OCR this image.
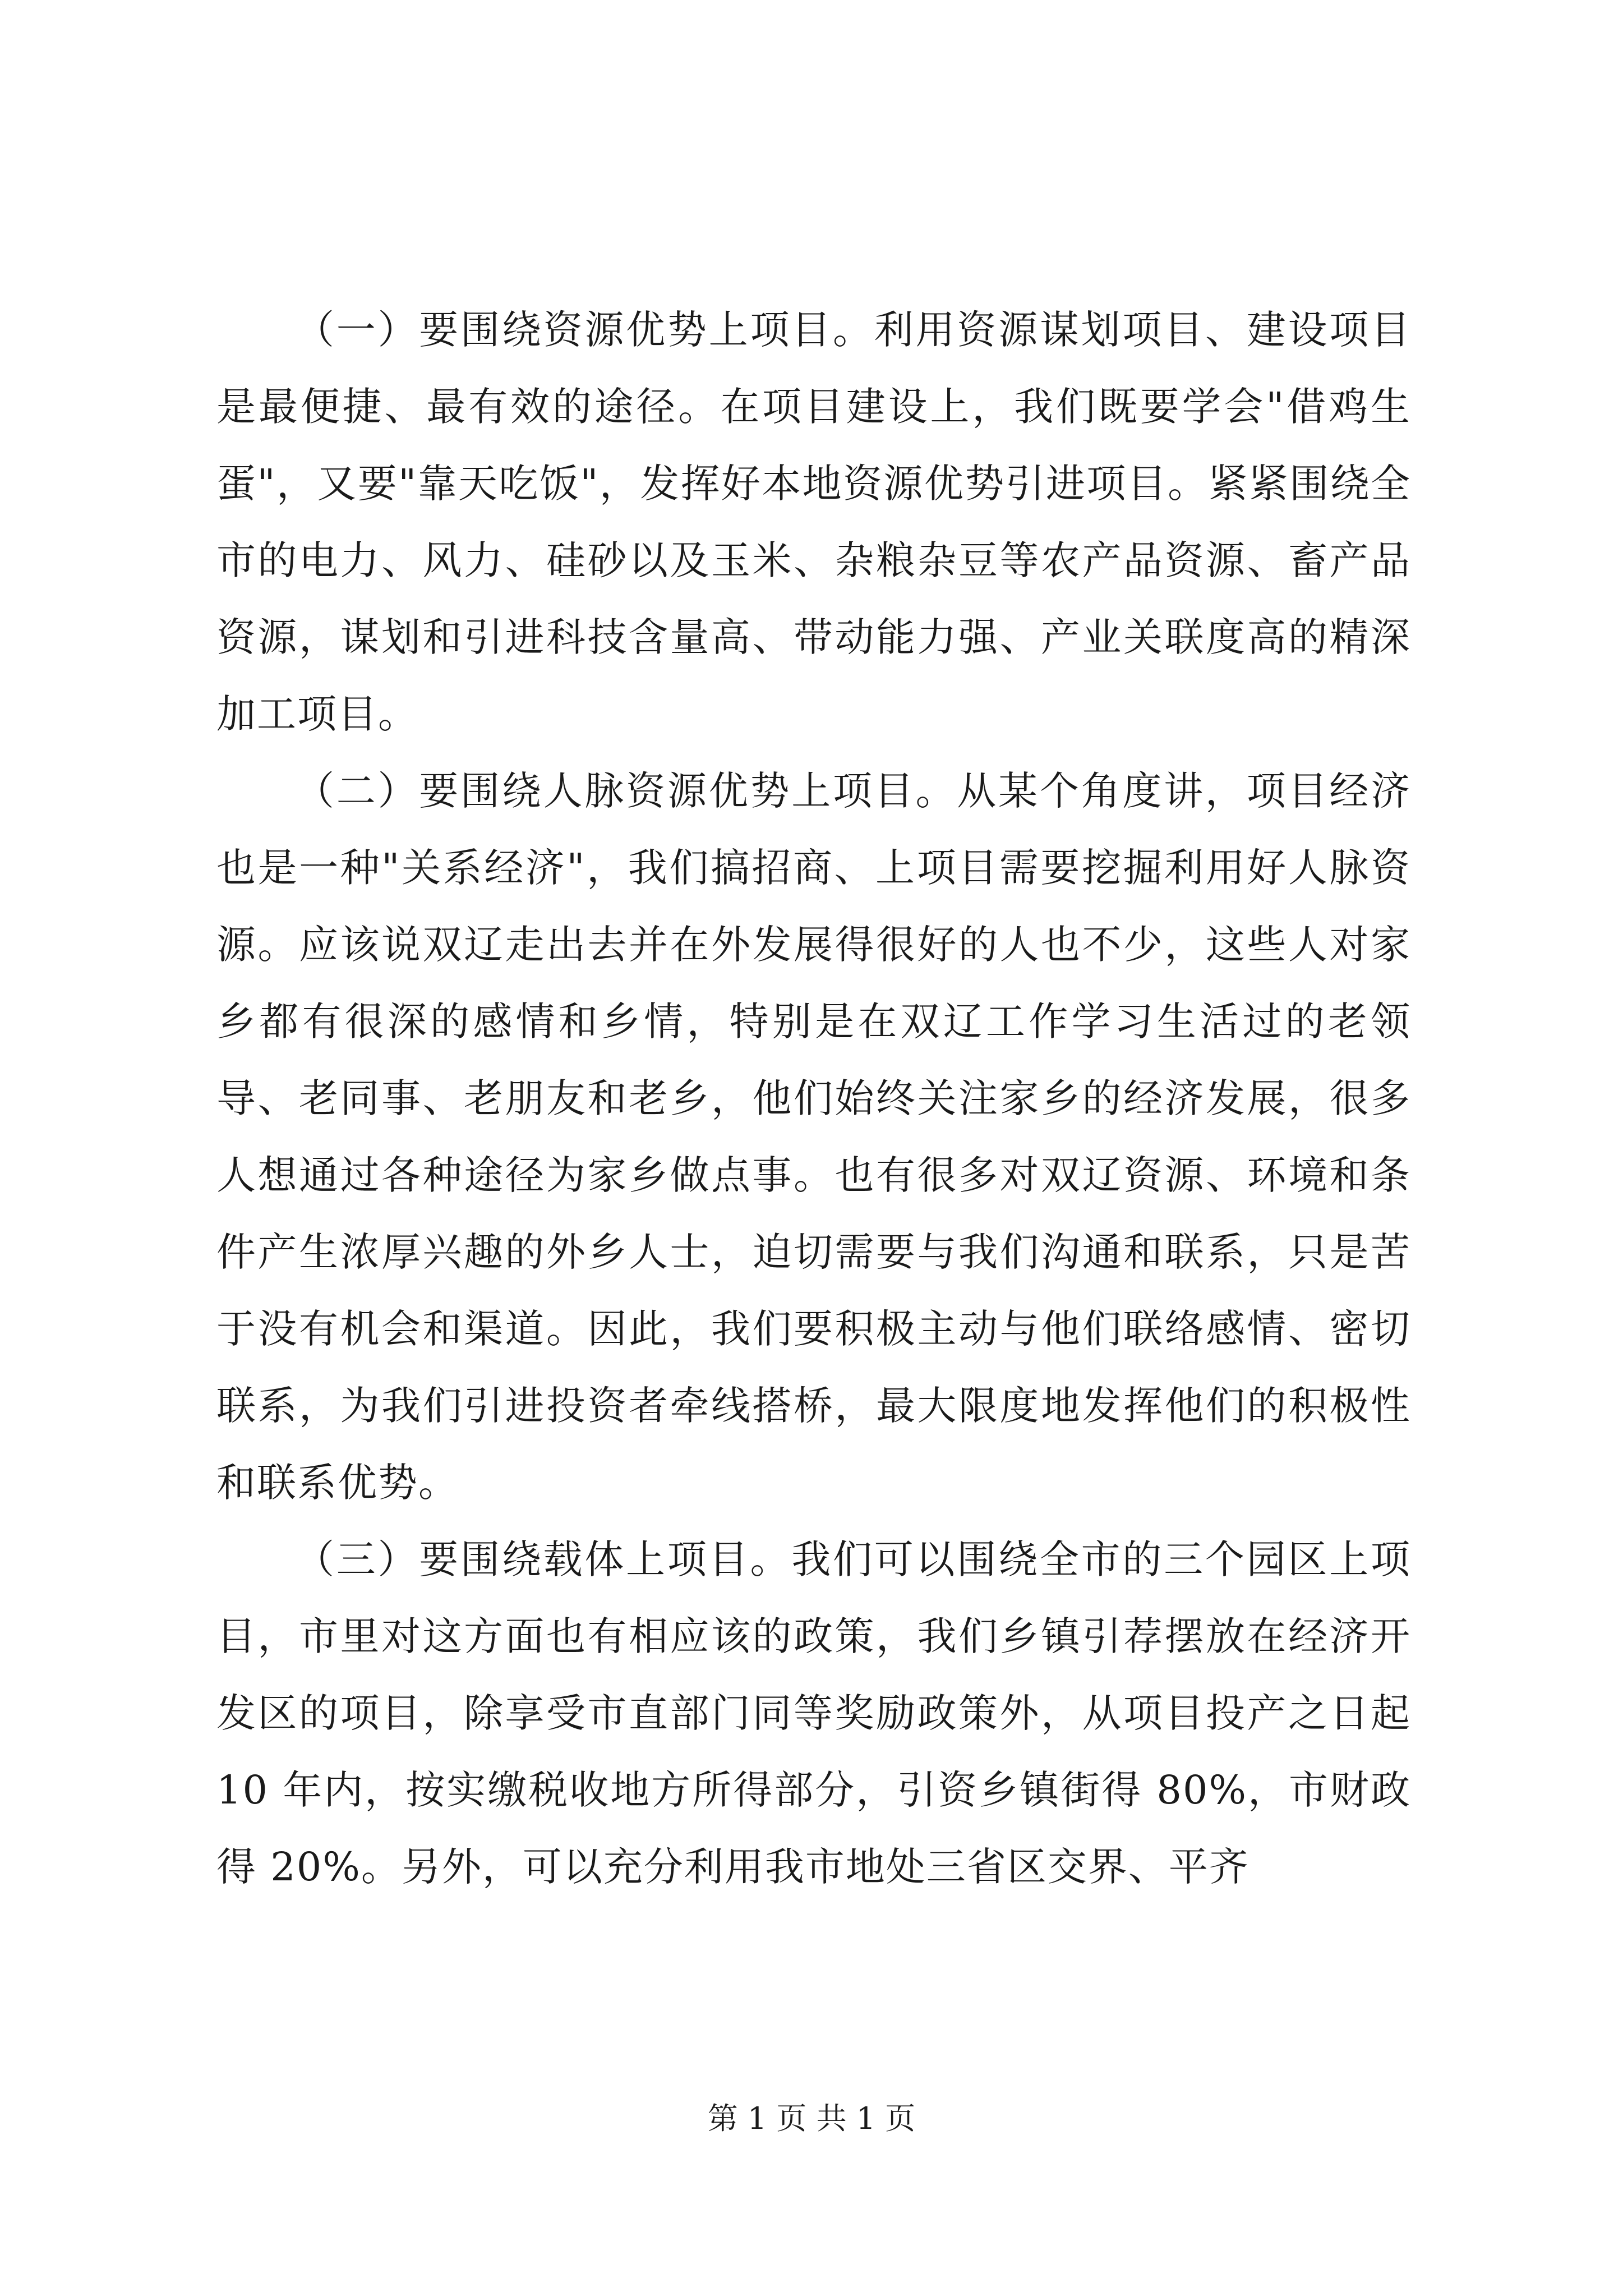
（一）要围绕资源优势上项目。利用资源谋划项目、建设项目是最便捷、最有效的途径。在项目建设上，我们既要学会"借鸡生蛋"，又要"靠天吃饭"，发挥好本地资源优势引进项目。紧紧围绕全市的电力、风力、硅砂以及玉米、杂粮杂豆等农产品资源、畜产品资源，谋划和引进科技含量高、带动能力强、产业关联度高的精深加工项目。

（二）要围绕人脉资源优势上项目。从某个角度讲，项目经济也是一种"关系经济"，我们搞招商、上项目需要挖掘利用好人脉资源。应该说双辽走出去并在外发展得很好的人也不少，这些人对家乡都有很深的感情和乡情，特别是在双辽工作学习生活过的老领导、老同事、老朋友和老乡，他们始终关注家乡的经济发展，很多人想通过各种途径为家乡做点事。也有很多对双辽资源、环境和条件产生浓厚兴趣的外乡人士，迫切需要与我们沟通和联系，只是苦于没有机会和渠道。因此，我们要积极主动与他们联络感情、密切联系，为我们引进投资者牵线搭桥，最大限度地发挥他们的积极性和联系优势。

（三）要围绕载体上项目。我们可以围绕全市的三个园区上项目，市里对这方面也有相应该的政策，我们乡镇引荐摆放在经济开发区的项目，除享受市直部门同等奖励政策外，从项目投产之日起 10 年内，按实缴税收地方所得部分，引资乡镇街得 80%，市财政得 20%。另外，可以充分利用我市地处三省区交界、平齐

第 1 页 共 1 页
